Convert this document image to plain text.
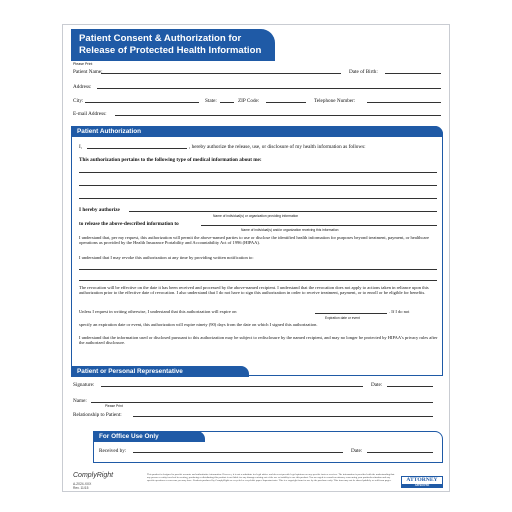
Patient Consent & Authorization for
Release of Protected Health Information
Please Print
Patient Name:	Date of Birth:
Address:
City:	State:	ZIP Code:	Telephone Number:
E-mail Address:
Patient Authorization
I,	, hereby authorize the release, use, or disclosure of my health information as follows:
This authorization pertains to the following type of medical information about me:
I hereby authorize
Name of individual(s) or organization providing information
to release the above-described information to
Name of individual(s) and/or organization receiving this information
I understand that, per my request, this authorization will permit the above-named parties to use or disclose the identified health information for purposes beyond treatment, payment, or healthcare operations as provided by the Health Insurance Portability and Accountability Act of 1996 (HIPAA).
I understand that I may revoke this authorization at any time by providing written notification to:
The revocation will be effective on the date it has been received and processed by the above-named recipient. I understand that the revocation does not apply to actions taken in reliance upon this authorization prior to the effective date of revocation. I also understand that I do not have to sign this authorization in order to receive treatment, payment, or to enroll or be eligible for benefits.
Unless I request in writing otherwise, I understand that this authorization will expire on	. If I do not
Expiration date or event
specify an expiration date or event, this authorization will expire ninety (90) days from the date on which I signed this authorization.
I understand that the information used or disclosed pursuant to this authorization may be subject to redisclosure by the named recipient, and may no longer be protected by HIPAA's privacy rules after the authorized disclosure.
Patient or Personal Representative
Signature:	Date:
Name:
Please Print
Relationship to Patient:
For Office Use Only
Received by:	Date:
ComplyRight
A-2024-XXX
Rev. 11/15
This product is designed to provide accurate and authoritative information. However, it is not a substitute for legal advice and does not provide legal opinions on any specific facts or services. The information is provided with the understanding that any person or entity involved in creating, producing or distributing this product is not liable for any damages arising out of the use or inability to use this product. You are urged to consult an attorney concerning your particular situation and any specific questions or concerns you may have. Products produced by ComplyRight are recycled or recyclable paper. Important note: This is a copyright form for use by the purchaser only. This form may not be shared publicly or sold from pages.	ATTORNEY
APPROVED
